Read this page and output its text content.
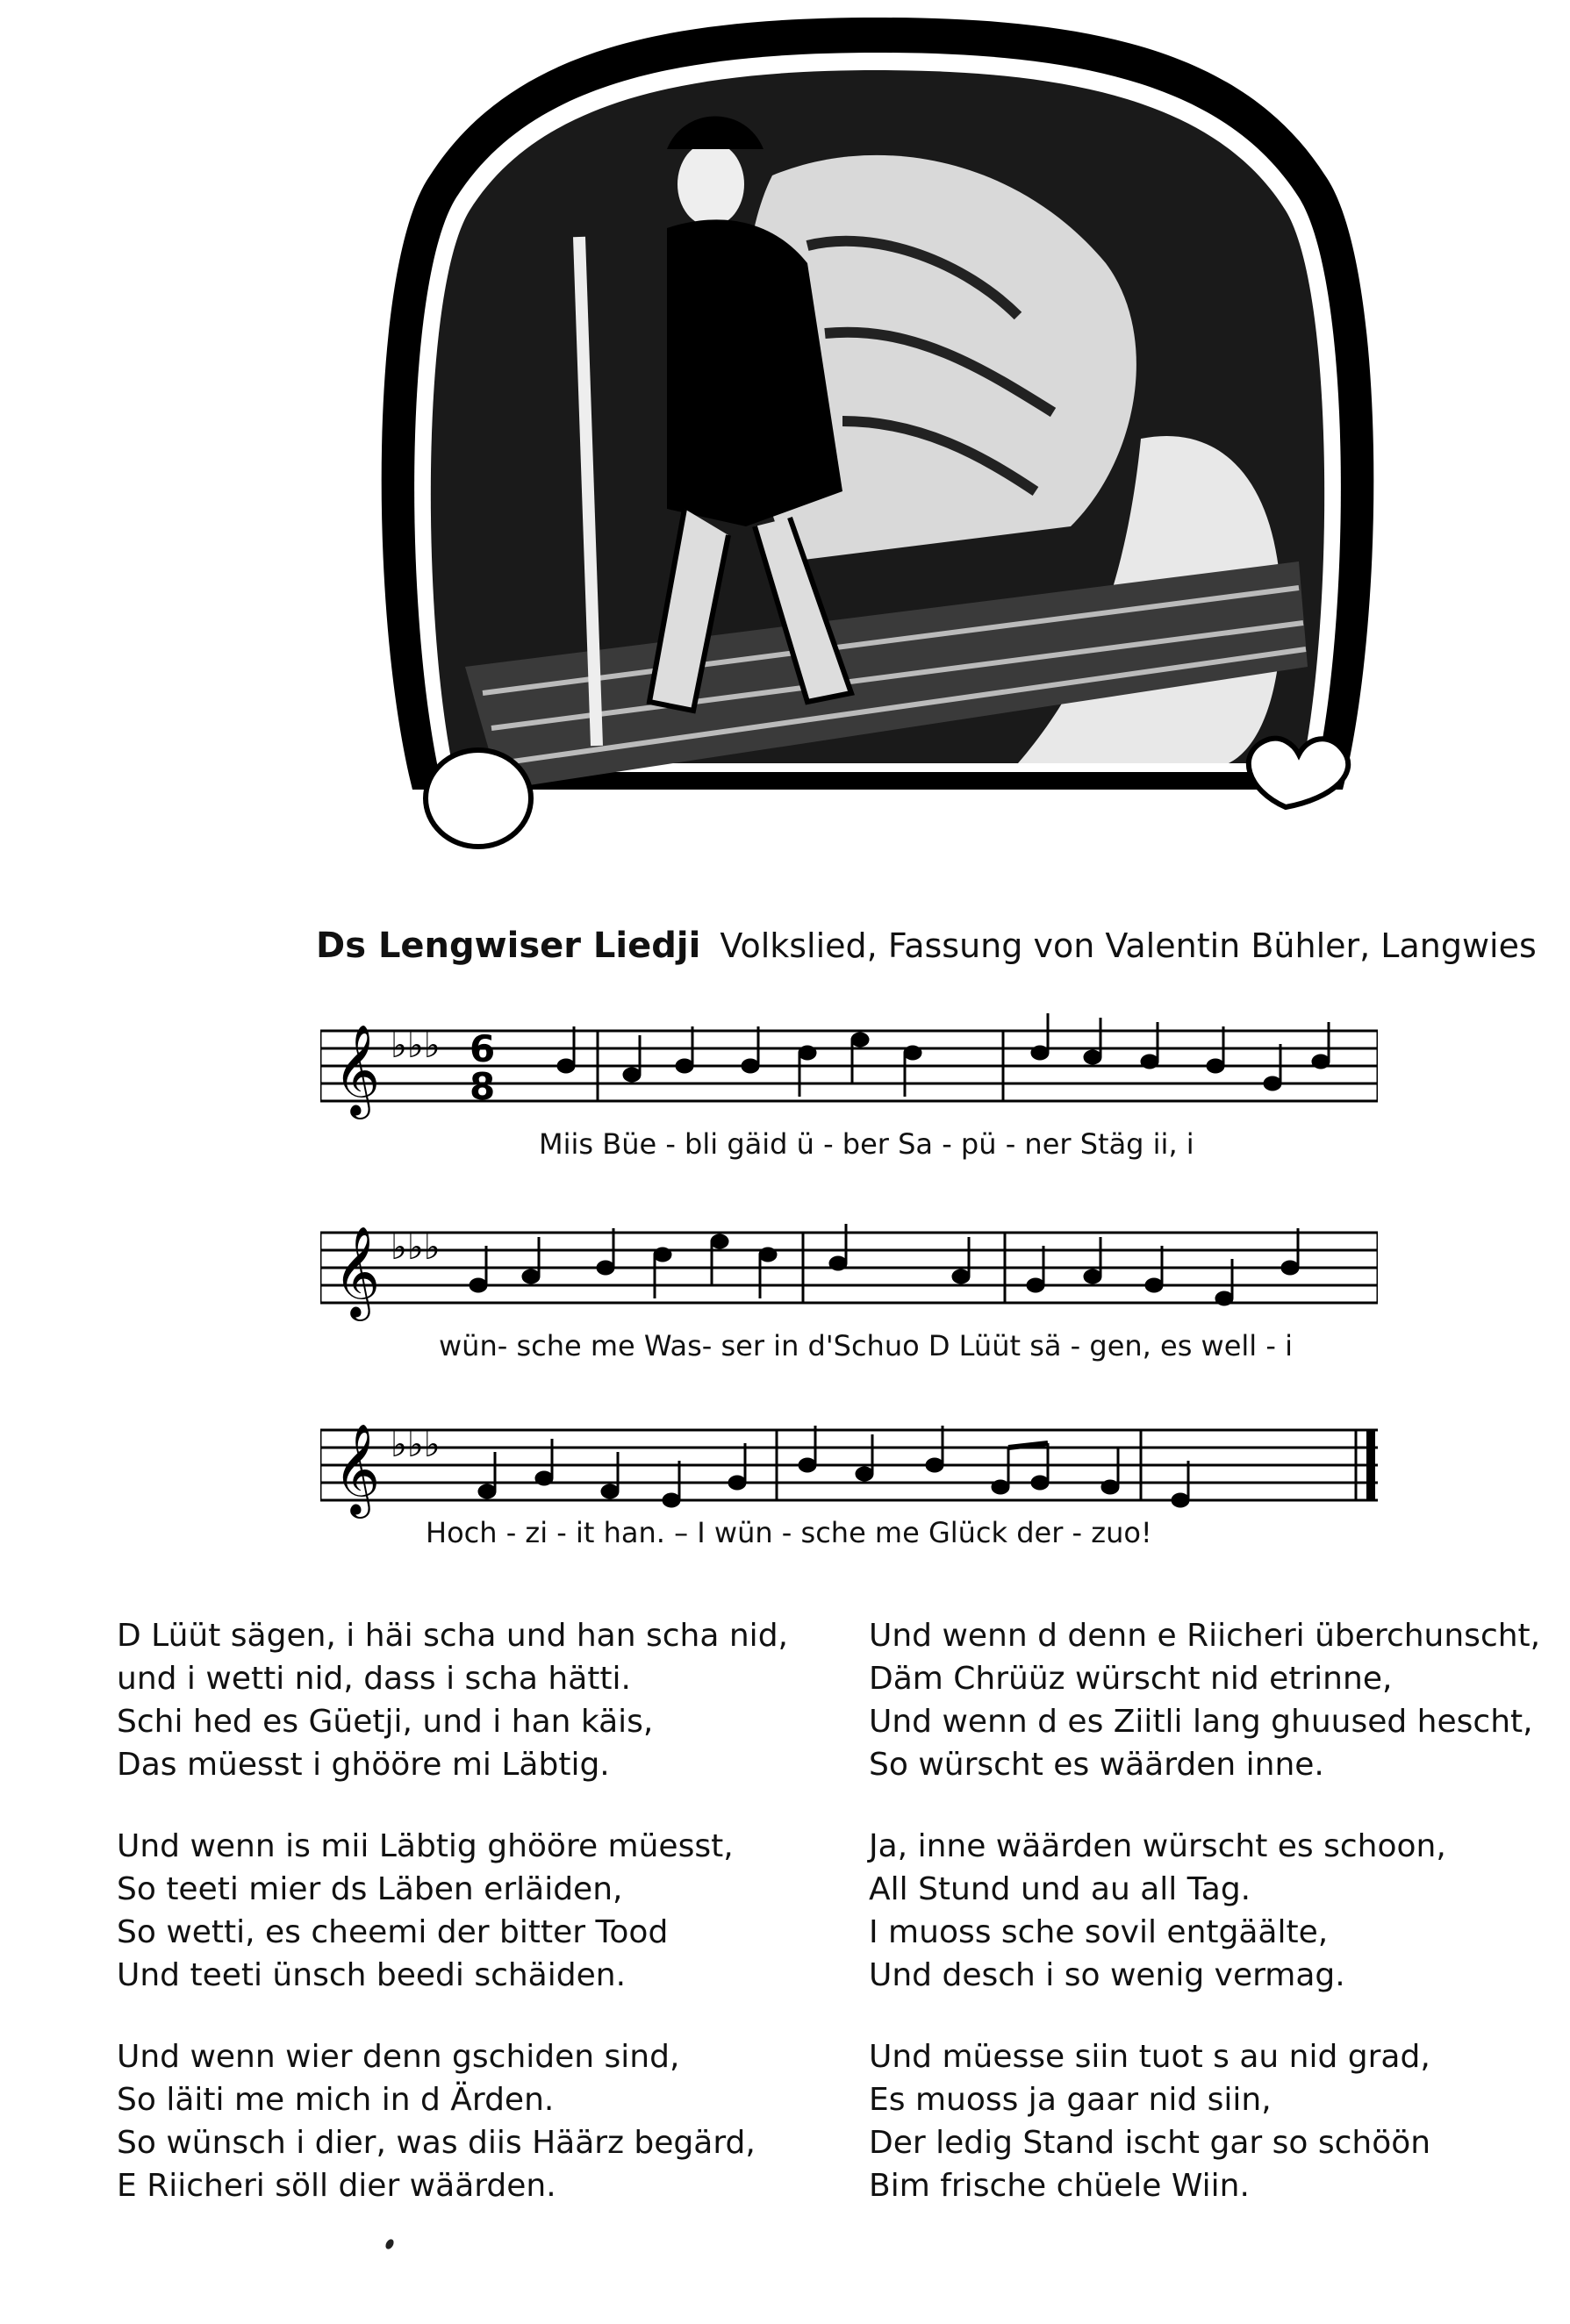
Ds Lengwiser Liedji Volkslied, Fassung von Valentin Bühler, Langwies
𝄞 ♭♭♭ 6
8
Miis Büe - bli gäid ü - ber Sa - pü - ner Stäg ii, i
𝄞 ♭♭♭
wün- sche me Was- ser in d'Schuo D Lüüt sä - gen, es well - i
𝄞 ♭♭♭
Hoch - zi - it han. – I wün - sche me Glück der - zuo!
D Lüüt sägen, i häi scha und han scha nid,
und i wetti nid, dass i scha hätti.
Schi hed es Güetji, und i han käis,
Das müesst i ghööre mi Läbtig.
Und wenn is mii Läbtig ghööre müesst,
So teeti mier ds Läben erläiden,
So wetti, es cheemi der bitter Tood
Und teeti ünsch beedi schäiden.
Und wenn wier denn gschiden sind,
So läiti me mich in d Ärden.
So wünsch i dier, was diis Häärz begärd,
E Riicheri söll dier wäärden.
Und wenn d denn e Riicheri überchunscht,
Däm Chrüüz würscht nid etrinne,
Und wenn d es Ziitli lang ghuused hescht,
So würscht es wäärden inne.
Ja, inne wäärden würscht es schoon,
All Stund und au all Tag.
I muoss sche sovil entgäälte,
Und desch i so wenig vermag.
Und müesse siin tuot s au nid grad,
Es muoss ja gaar nid siin,
Der ledig Stand ischt gar so schöön
Bim frische chüele Wiin.
